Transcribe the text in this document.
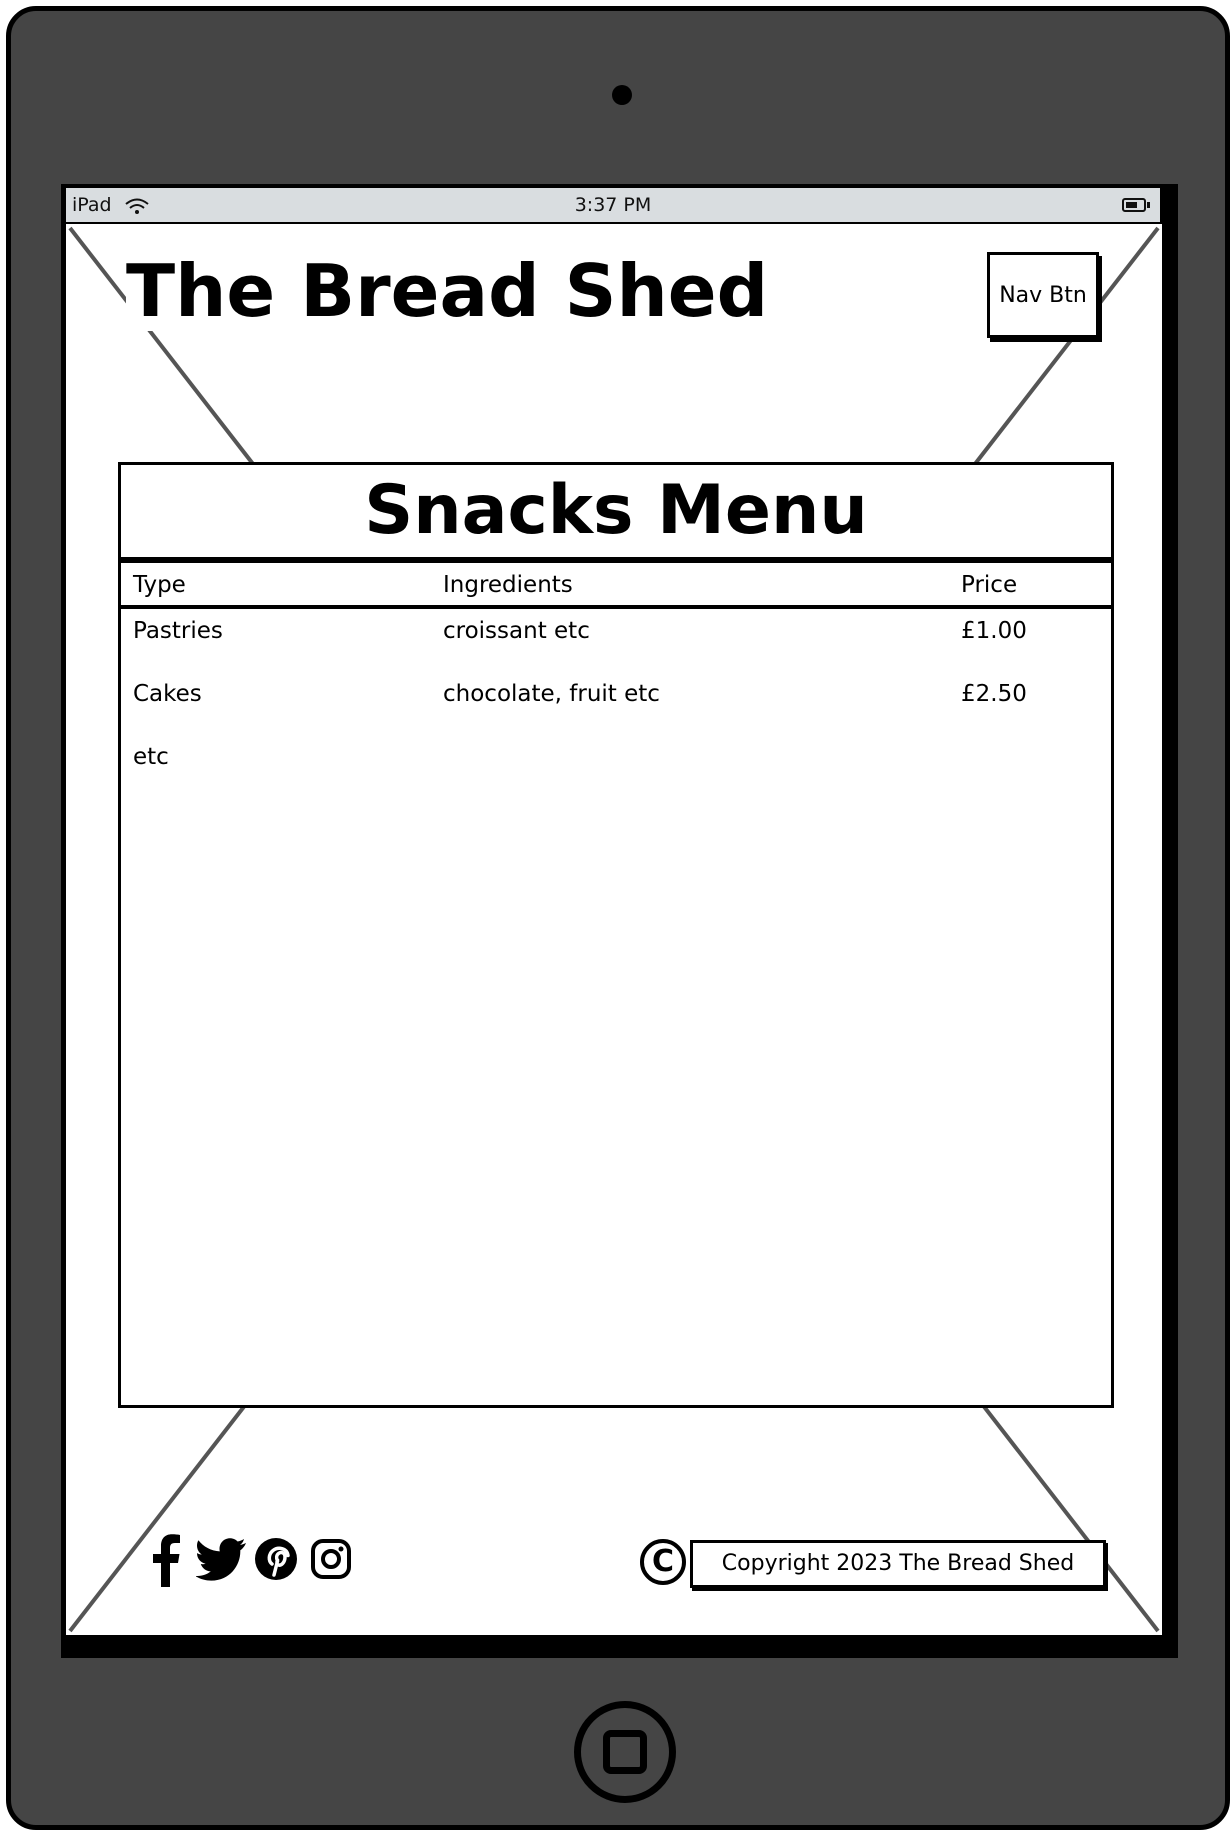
iPad	3:37 PM
The Bread Shed	Nav Btn
Snacks Menu
Type	Ingredients	Price
Pastries	croissant etc	£1.00
Cakes	chocolate, fruit etc	£2.50
etc
C	Copyright 2023 The Bread Shed
